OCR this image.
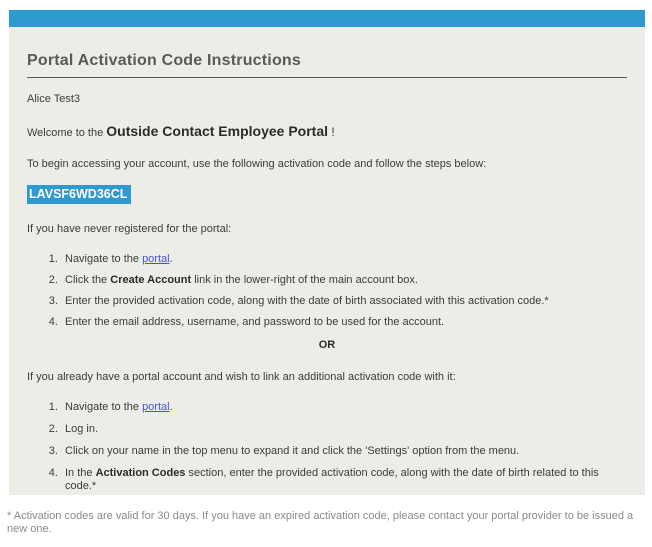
Portal Activation Code Instructions
Alice Test3
Welcome to the Outside Contact Employee Portal !
To begin accessing your account, use the following activation code and follow the steps below:
LAVSF6WD36CL
If you have never registered for the portal:
1. Navigate to the portal.
2. Click the Create Account link in the lower-right of the main account box.
3. Enter the provided activation code, along with the date of birth associated with this activation code.*
4. Enter the email address, username, and password to be used for the account.
OR
If you already have a portal account and wish to link an additional activation code with it:
1. Navigate to the portal.
2. Log in.
3. Click on your name in the top menu to expand it and click the 'Settings' option from the menu.
4. In the Activation Codes section, enter the provided activation code, along with the date of birth related to this code.*
* Activation codes are valid for 30 days. If you have an expired activation code, please contact your portal provider to be issued a new one.
